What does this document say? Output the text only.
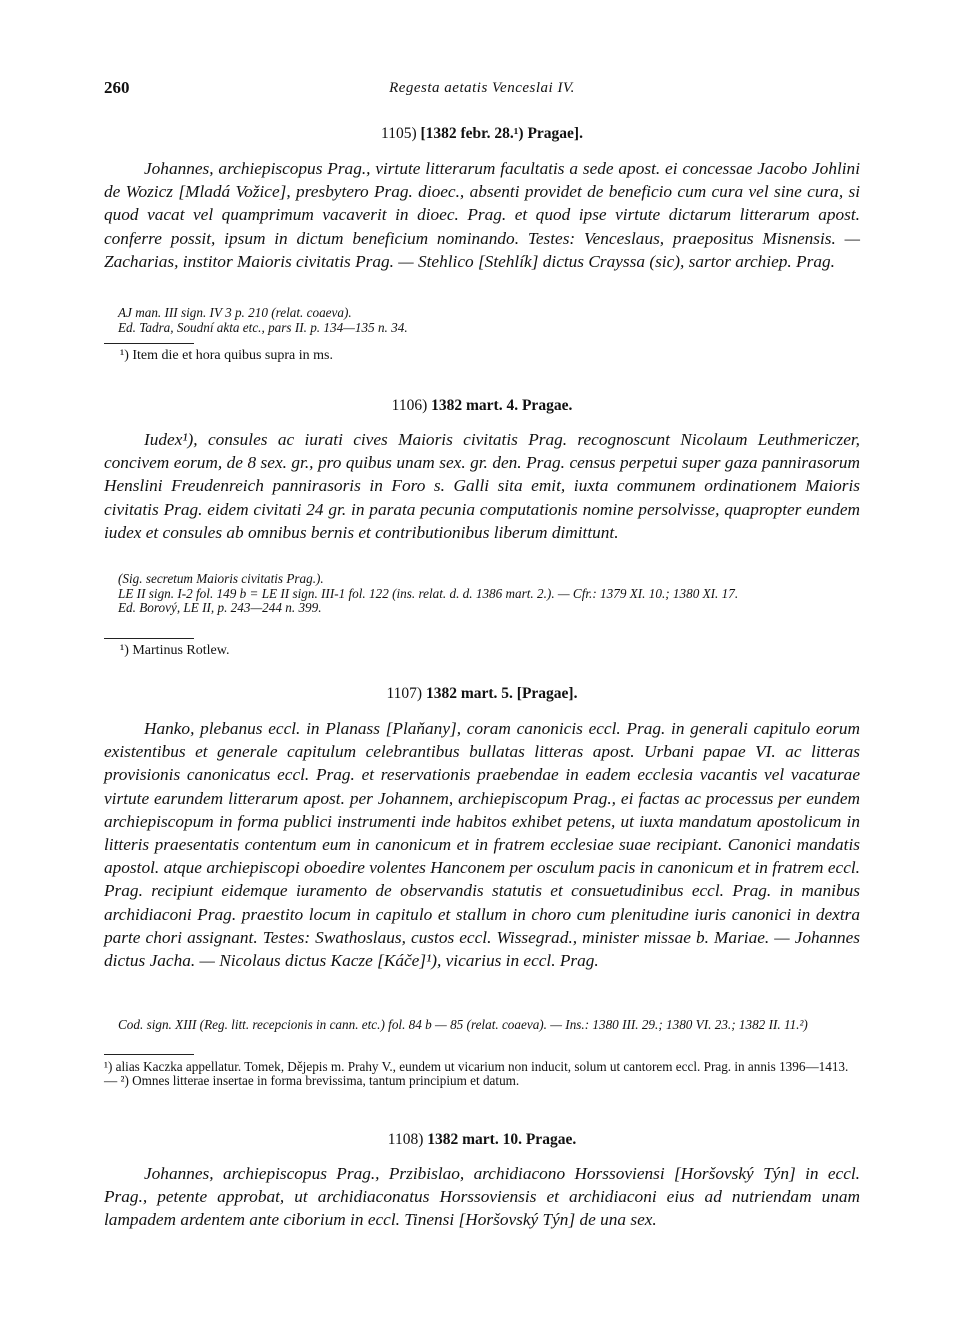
260	Regesta aetatis Venceslai IV.
1105) [1382 febr. 28.¹) Pragae].

Johannes, archiepiscopus Prag., virtute litterarum facultatis a sede apost. ei concessae Jacobo Johlini de Wozicz [Mladá Vožice], presbytero Prag. dioec., absenti providet de beneficio cum cura vel sine cura, si quod vacat vel quamprimum vacaverit in dioec. Prag. et quod ipse virtute dictarum litterarum apost. conferre possit, ipsum in dictum beneficium nominando. Testes: Venceslaus, praepositus Misnensis. — Zacharias, institor Maioris civitatis Prag. — Stehlico [Stehlík] dictus Crayssa (sic), sartor archiep. Prag.

AJ man. III sign. IV 3 p. 210 (relat. coaeva).
Ed. Tadra, Soudní akta etc., pars II. p. 134—135 n. 34.

¹) Item die et hora quibus supra in ms.

1106) 1382 mart. 4. Pragae.

Iudex¹), consules ac iurati cives Maioris civitatis Prag. recognoscunt Nicolaum Leuthmericzer, concivem eorum, de 8 sex. gr., pro quibus unam sex. gr. den. Prag. census perpetui super gaza pannirasorum Henslini Freudenreich pannirasoris in Foro s. Galli sita emit, iuxta communem ordinationem Maioris civitatis Prag. eidem civitati 24 gr. in parata pecunia computationis nomine persolvisse, quapropter eundem iudex et consules ab omnibus bernis et contributionibus liberum dimittunt.

(Sig. secretum Maioris civitatis Prag.).
LE II sign. I-2 fol. 149 b = LE II sign. III-1 fol. 122 (ins. relat. d. d. 1386 mart. 2.). — Cfr.: 1379 XI. 10.; 1380 XI. 17.
Ed. Borový, LE II, p. 243—244 n. 399.

¹) Martinus Rotlew.

1107) 1382 mart. 5. [Pragae].

Hanko, plebanus eccl. in Planass [Plaňany], coram canonicis eccl. Prag. in generali capitulo eorum existentibus et generale capitulum celebrantibus bullatas litteras apost. Urbani papae VI. ac litteras provisionis canonicatus eccl. Prag. et reservationis praebendae in eadem ecclesia vacantis vel vacaturae virtute earundem litterarum apost. per Johannem, archiepiscopum Prag., ei factas ac processus per eundem archiepiscopum in forma publici instrumenti inde habitos exhibet petens, ut iuxta mandatum apostolicum in litteris praesentatis contentum eum in canonicum et in fratrem ecclesiae suae recipiant. Canonici mandatis apostol. atque archiepiscopi oboedire volentes Hanconem per osculum pacis in canonicum et in fratrem eccl. Prag. recipiunt eidemque iuramento de observandis statutis et consuetudinibus eccl. Prag. in manibus archidiaconi Prag. praestito locum in capitulo et stallum in choro cum plenitudine iuris canonici in dextra parte chori assignant. Testes: Swathoslaus, custos eccl. Wissegrad., minister missae b. Mariae. — Johannes dictus Jacha. — Nicolaus dictus Kacze [Káče]¹), vicarius in eccl. Prag.

Cod. sign. XIII (Reg. litt. recepcionis in cann. etc.) fol. 84 b — 85 (relat. coaeva). — Ins.: 1380 III. 29.; 1380 VI. 23.; 1382 II. 11.²)

¹) alias Kaczka appellatur. Tomek, Dějepis m. Prahy V., eundem ut vicarium non inducit, solum ut cantorem eccl. Prag. in annis 1396—1413.— ²) Omnes litterae insertae in forma brevissima, tantum principium et datum.

1108) 1382 mart. 10. Pragae.

Johannes, archiepiscopus Prag., Przibislao, archidiacono Horssoviensi [Horšovský Týn] in eccl. Prag., petente approbat, ut archidiaconatus Horssoviensis et archidiaconi eius ad nutriendam unam lampadem ardentem ante ciborium in eccl. Tinensi [Horšovský Týn] de una sex.
